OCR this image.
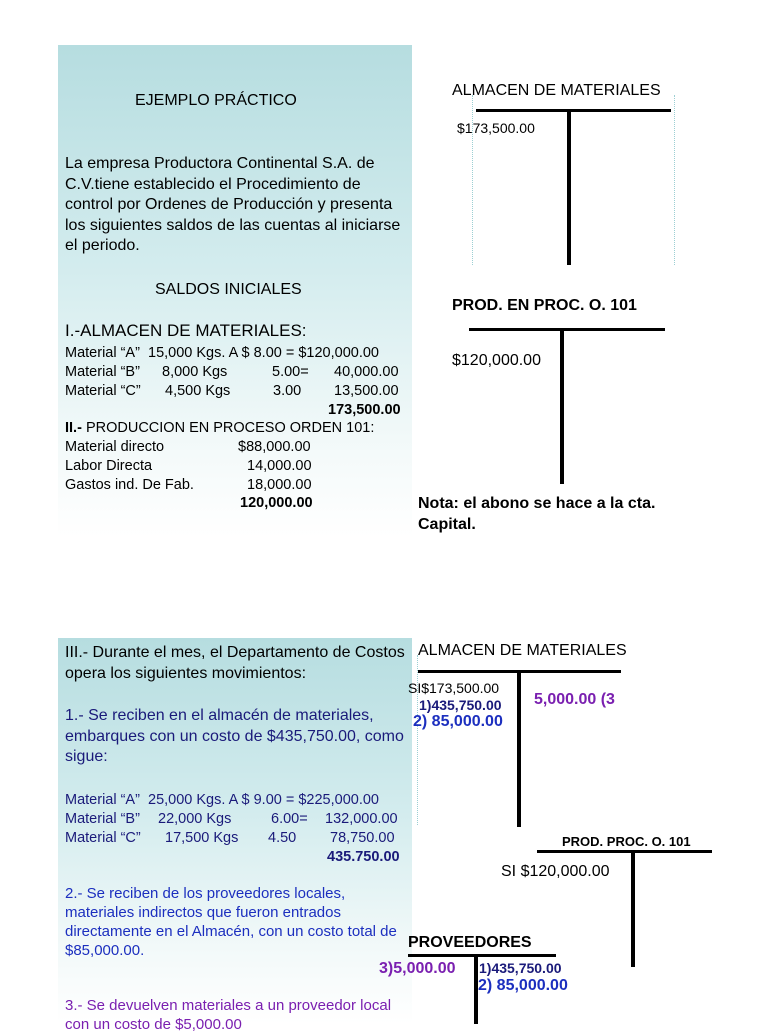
EJEMPLO PRÁCTICO
La empresa Productora Continental S.A. de C.V.tiene establecido el Procedimiento de control por Ordenes de Producción y presenta los siguientes saldos de las cuentas al iniciarse el periodo.
SALDOS INICIALES
I.-ALMACEN DE MATERIALES:
Material “A” 15,000 Kgs. A $ 8.00 = $120,000.00
Material “B” 8,000 Kgs	5.00= 40,000.00
Material “C” 4,500 Kgs	3.00 13,500.00
173,500.00
II.- PRODUCCION EN PROCESO ORDEN 101:
Material directo	$88,000.00
Labor Directa	14,000.00
Gastos ind. De Fab.	18,000.00
120,000.00
ALMACEN DE MATERIALES
$173,500.00
PROD. EN PROC. O. 101
$120,000.00
Nota: el abono se hace a la cta. Capital.
III.- Durante el mes, el Departamento de Costos opera los siguientes movimientos:
1.- Se reciben en el almacén de materiales, embarques con un costo de $435,750.00, como sigue:
Material “A” 25,000 Kgs. A $ 9.00 = $225,000.00
Material “B” 22,000 Kgs	6.00= 132,000.00
Material “C” 17,500 Kgs 4.50 78,750.00
435.750.00
2.- Se reciben de los proveedores locales, materiales indirectos que fueron entrados directamente en el Almacén, con un costo total de $85,000.00.
3.- Se devuelven materiales a un proveedor local con un costo de $5,000.00
ALMACEN DE MATERIALES
SI$173,500.00
1)435,750.00
2) 85,000.00
5,000.00 (3
PROD. PROC. O. 101
SI $120,000.00
PROVEEDORES
3)5,000.00 1)435,750.00
2) 85,000.00
